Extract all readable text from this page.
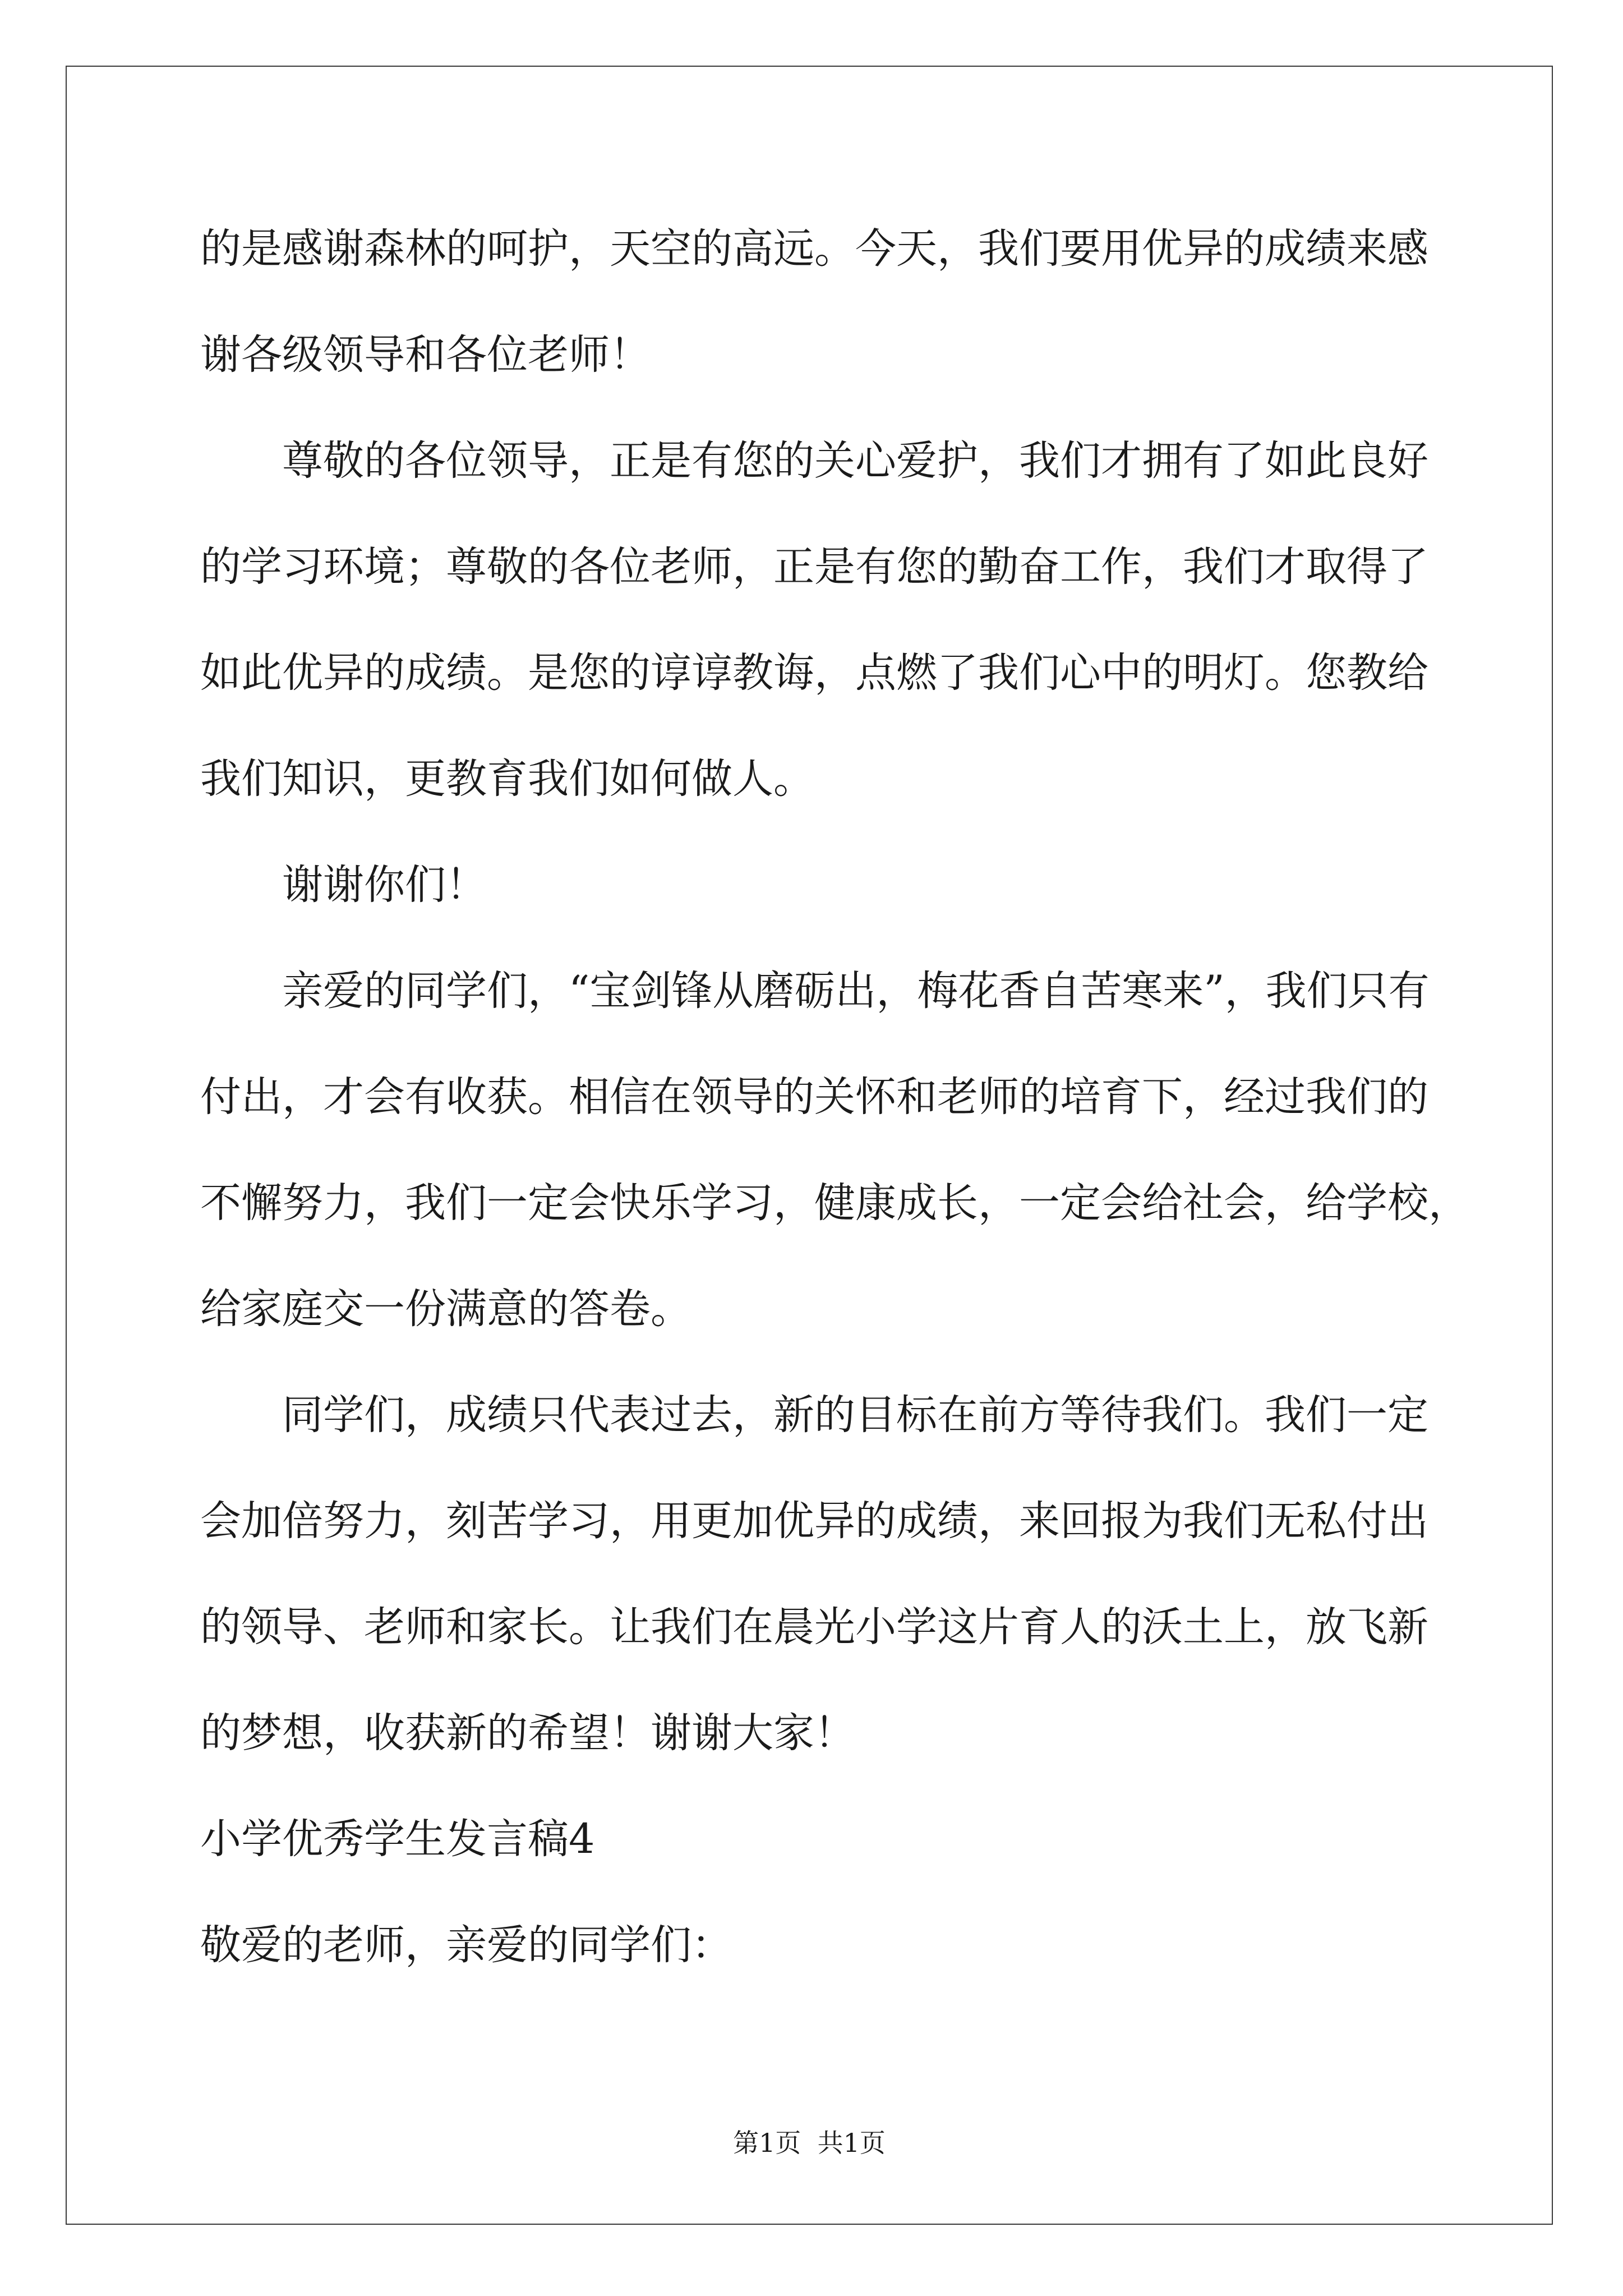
的是感谢森林的呵护，天空的高远。今天，我们要用优异的成绩来感
谢各级领导和各位老师！
尊敬的各位领导，正是有您的关心爱护，我们才拥有了如此良好
的学习环境；尊敬的各位老师，正是有您的勤奋工作，我们才取得了
如此优异的成绩。是您的谆谆教诲，点燃了我们心中的明灯。您教给
我们知识，更教育我们如何做人。
谢谢你们！
亲爱的同学们，“宝剑锋从磨砺出，梅花香自苦寒来”，我们只有
付出，才会有收获。相信在领导的关怀和老师的培育下，经过我们的
不懈努力，我们一定会快乐学习，健康成长，一定会给社会，给学校，
给家庭交一份满意的答卷。
同学们，成绩只代表过去，新的目标在前方等待我们。我们一定
会加倍努力，刻苦学习，用更加优异的成绩，来回报为我们无私付出
的领导、老师和家长。让我们在晨光小学这片育人的沃土上，放飞新
的梦想，收获新的希望！谢谢大家！
小学优秀学生发言稿4
敬爱的老师，亲爱的同学们：
第1页  共1页
